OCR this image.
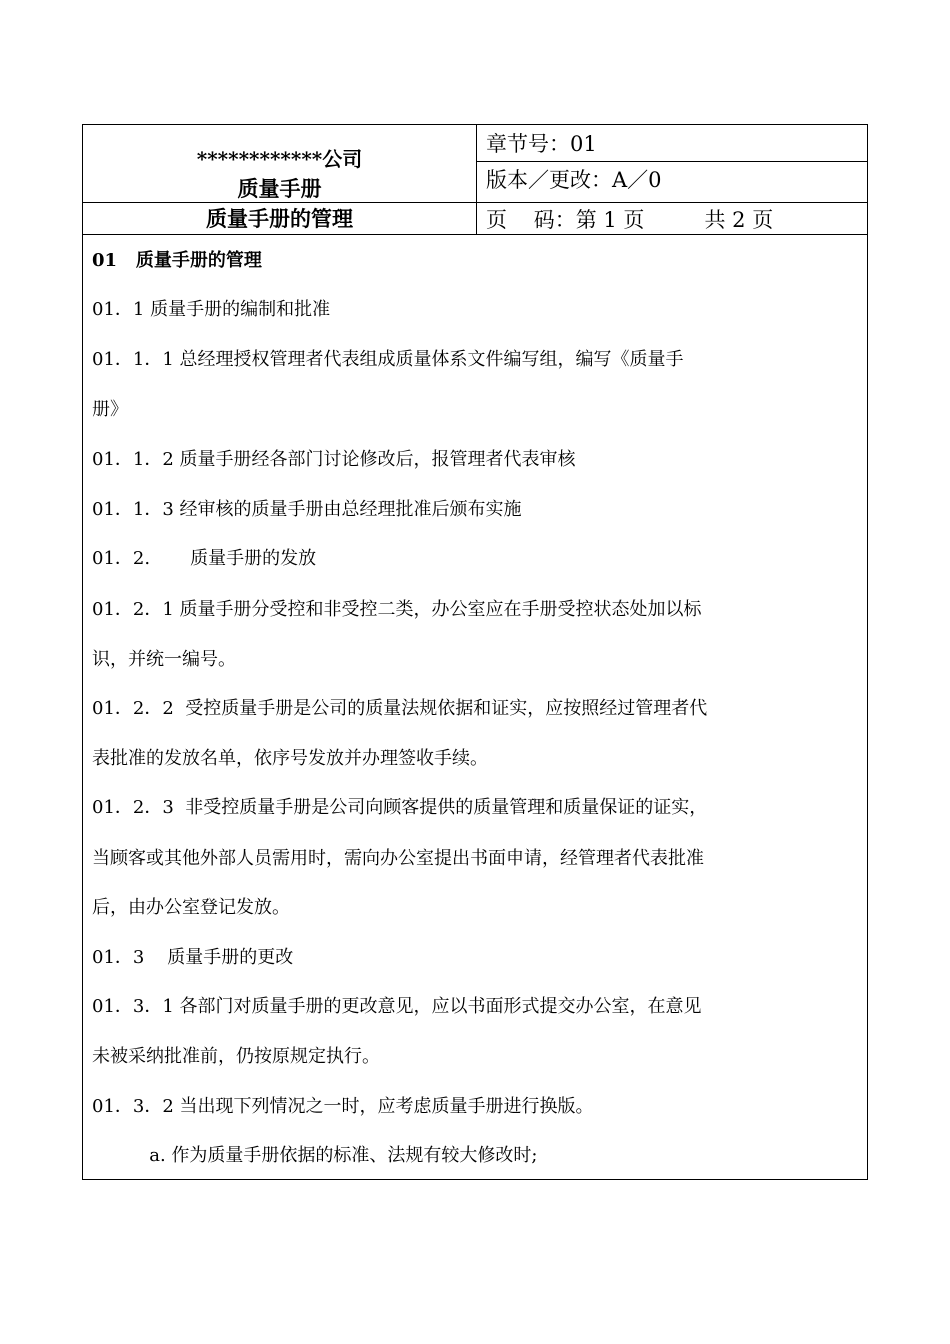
************公司
质量手册
质量手册的管理
章节号：01
版本／更改：A／0
页    码：第 1 页         共 2 页
01   质量手册的管理
01．1 质量手册的编制和批准
01．1．1 总经理授权管理者代表组成质量体系文件编写组，编写《质量手
册》
01．1．2 质量手册经各部门讨论修改后，报管理者代表审核
01．1．3 经审核的质量手册由总经理批准后颁布实施
01．2.       质量手册的发放
01．2．1 质量手册分受控和非受控二类，办公室应在手册受控状态处加以标
识，并统一编号。
01．2．2  受控质量手册是公司的质量法规依据和证实，应按照经过管理者代
表批准的发放名单，依序号发放并办理签收手续。
01．2．3  非受控质量手册是公司向顾客提供的质量管理和质量保证的证实，
当顾客或其他外部人员需用时，需向办公室提出书面申请，经管理者代表批准
后，由办公室登记发放。
01．3    质量手册的更改
01．3．1 各部门对质量手册的更改意见，应以书面形式提交办公室，在意见
未被采纳批准前，仍按原规定执行。
01．3．2 当出现下列情况之一时，应考虑质量手册进行换版。
a. 作为质量手册依据的标准、法规有较大修改时;
